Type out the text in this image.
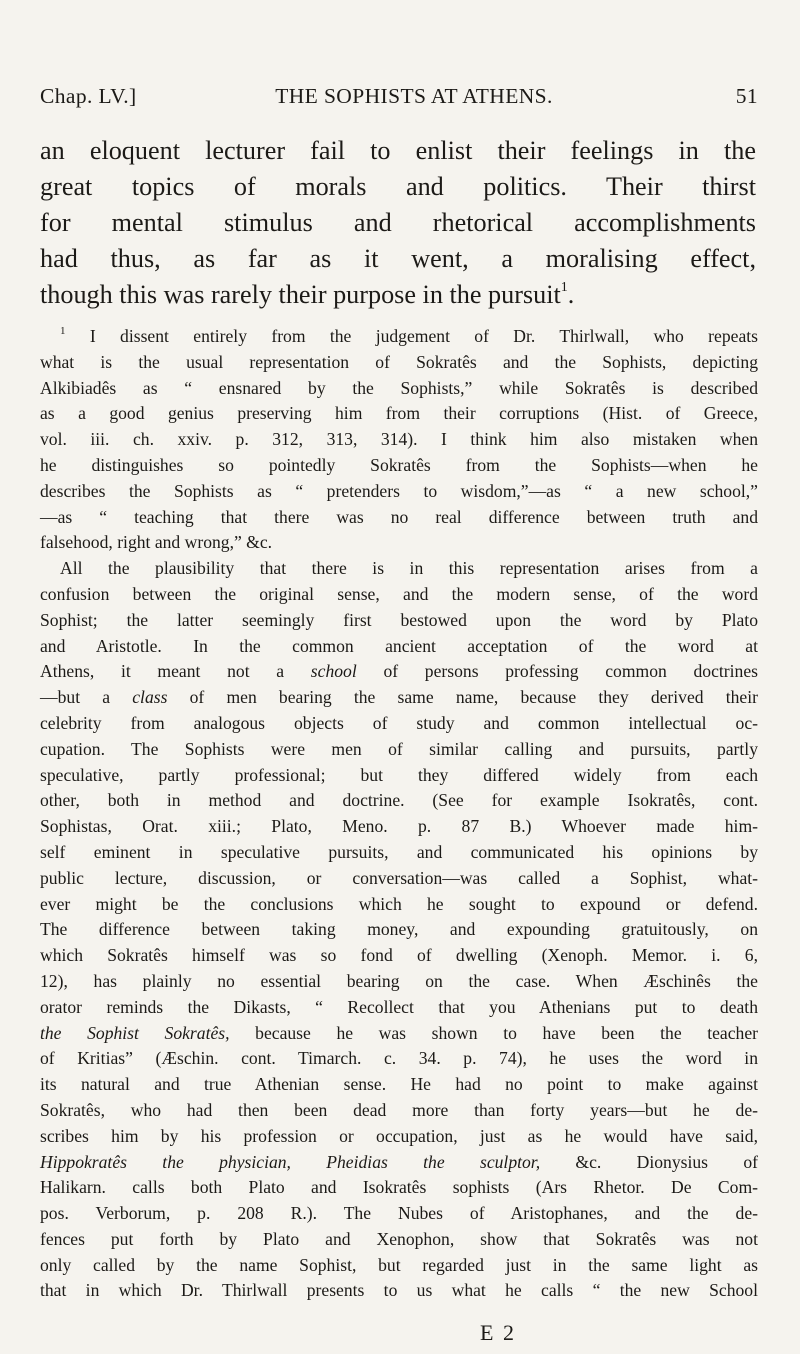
Chap. LV.]	THE SOPHISTS AT ATHENS.	51
an eloquent lecturer fail to enlist their feelings in the
great topics of morals and politics. Their thirst
for mental stimulus and rhetorical accomplishments
had thus, as far as it went, a moralising effect,
though this was rarely their purpose in the pursuit$^1$.
$^1$ I dissent entirely from the judgement of Dr. Thirlwall, who repeats
what is the usual representation of Sokratês and the Sophists, depicting
Alkibiadês as “ ensnared by the Sophists,” while Sokratês is described
as a good genius preserving him from their corruptions (Hist. of Greece,
vol. iii. ch. xxiv. p. 312, 313, 314). I think him also mistaken when
he distinguishes so pointedly Sokratês from the Sophists—when he
describes the Sophists as “ pretenders to wisdom,”—as “ a new school,”
—as “ teaching that there was no real difference between truth and
falsehood, right and wrong,” &c.
All the plausibility that there is in this representation arises from a
confusion between the original sense, and the modern sense, of the word
Sophist; the latter seemingly first bestowed upon the word by Plato
and Aristotle. In the common ancient acceptation of the word at
Athens, it meant not a school of persons professing common doctrines
—but a class of men bearing the same name, because they derived their
celebrity from analogous objects of study and common intellectual oc-
cupation. The Sophists were men of similar calling and pursuits, partly
speculative, partly professional; but they differed widely from each
other, both in method and doctrine. (See for example Isokratês, cont.
Sophistas, Orat. xiii.; Plato, Meno. p. 87 B.) Whoever made him-
self eminent in speculative pursuits, and communicated his opinions by
public lecture, discussion, or conversation—was called a Sophist, what-
ever might be the conclusions which he sought to expound or defend.
The difference between taking money, and expounding gratuitously, on
which Sokratês himself was so fond of dwelling (Xenoph. Memor. i. 6,
12), has plainly no essential bearing on the case. When Æschinês the
orator reminds the Dikasts, “ Recollect that you Athenians put to death
the Sophist Sokratês, because he was shown to have been the teacher
of Kritias” (Æschin. cont. Timarch. c. 34. p. 74), he uses the word in
its natural and true Athenian sense. He had no point to make against
Sokratês, who had then been dead more than forty years—but he de-
scribes him by his profession or occupation, just as he would have said,
Hippokratês the physician, Pheidias the sculptor, &c. Dionysius of
Halikarn. calls both Plato and Isokratês sophists (Ars Rhetor. De Com-
pos. Verborum, p. 208 R.). The Nubes of Aristophanes, and the de-
fences put forth by Plato and Xenophon, show that Sokratês was not
only called by the name Sophist, but regarded just in the same light as
that in which Dr. Thirlwall presents to us what he calls “ the new School
E 2
